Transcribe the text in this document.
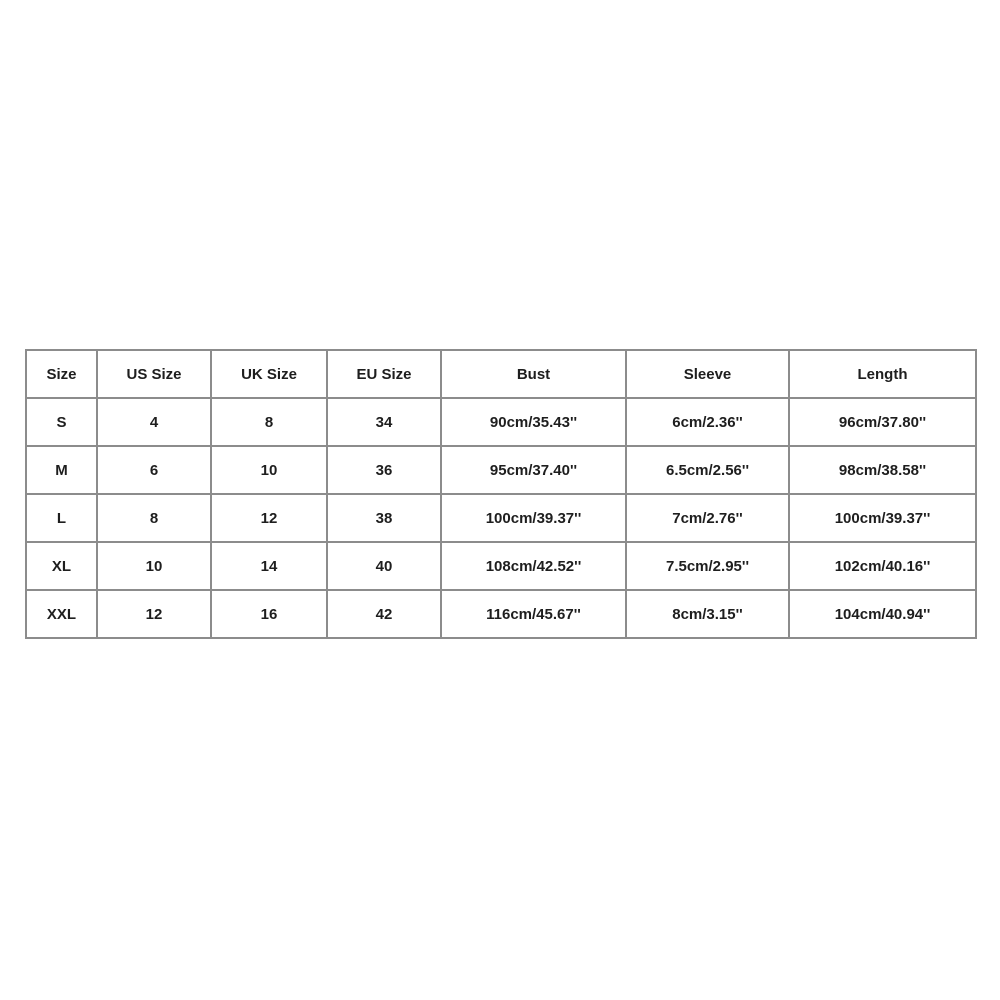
Size	US Size	UK Size	EU Size	Bust	Sleeve	Length
S	4	8	34	90cm/35.43''	6cm/2.36''	96cm/37.80''
M	6	10	36	95cm/37.40''	6.5cm/2.56''	98cm/38.58''
L	8	12	38	100cm/39.37''	7cm/2.76''	100cm/39.37''
XL	10	14	40	108cm/42.52''	7.5cm/2.95''	102cm/40.16''
XXL	12	16	42	116cm/45.67''	8cm/3.15''	104cm/40.94''
